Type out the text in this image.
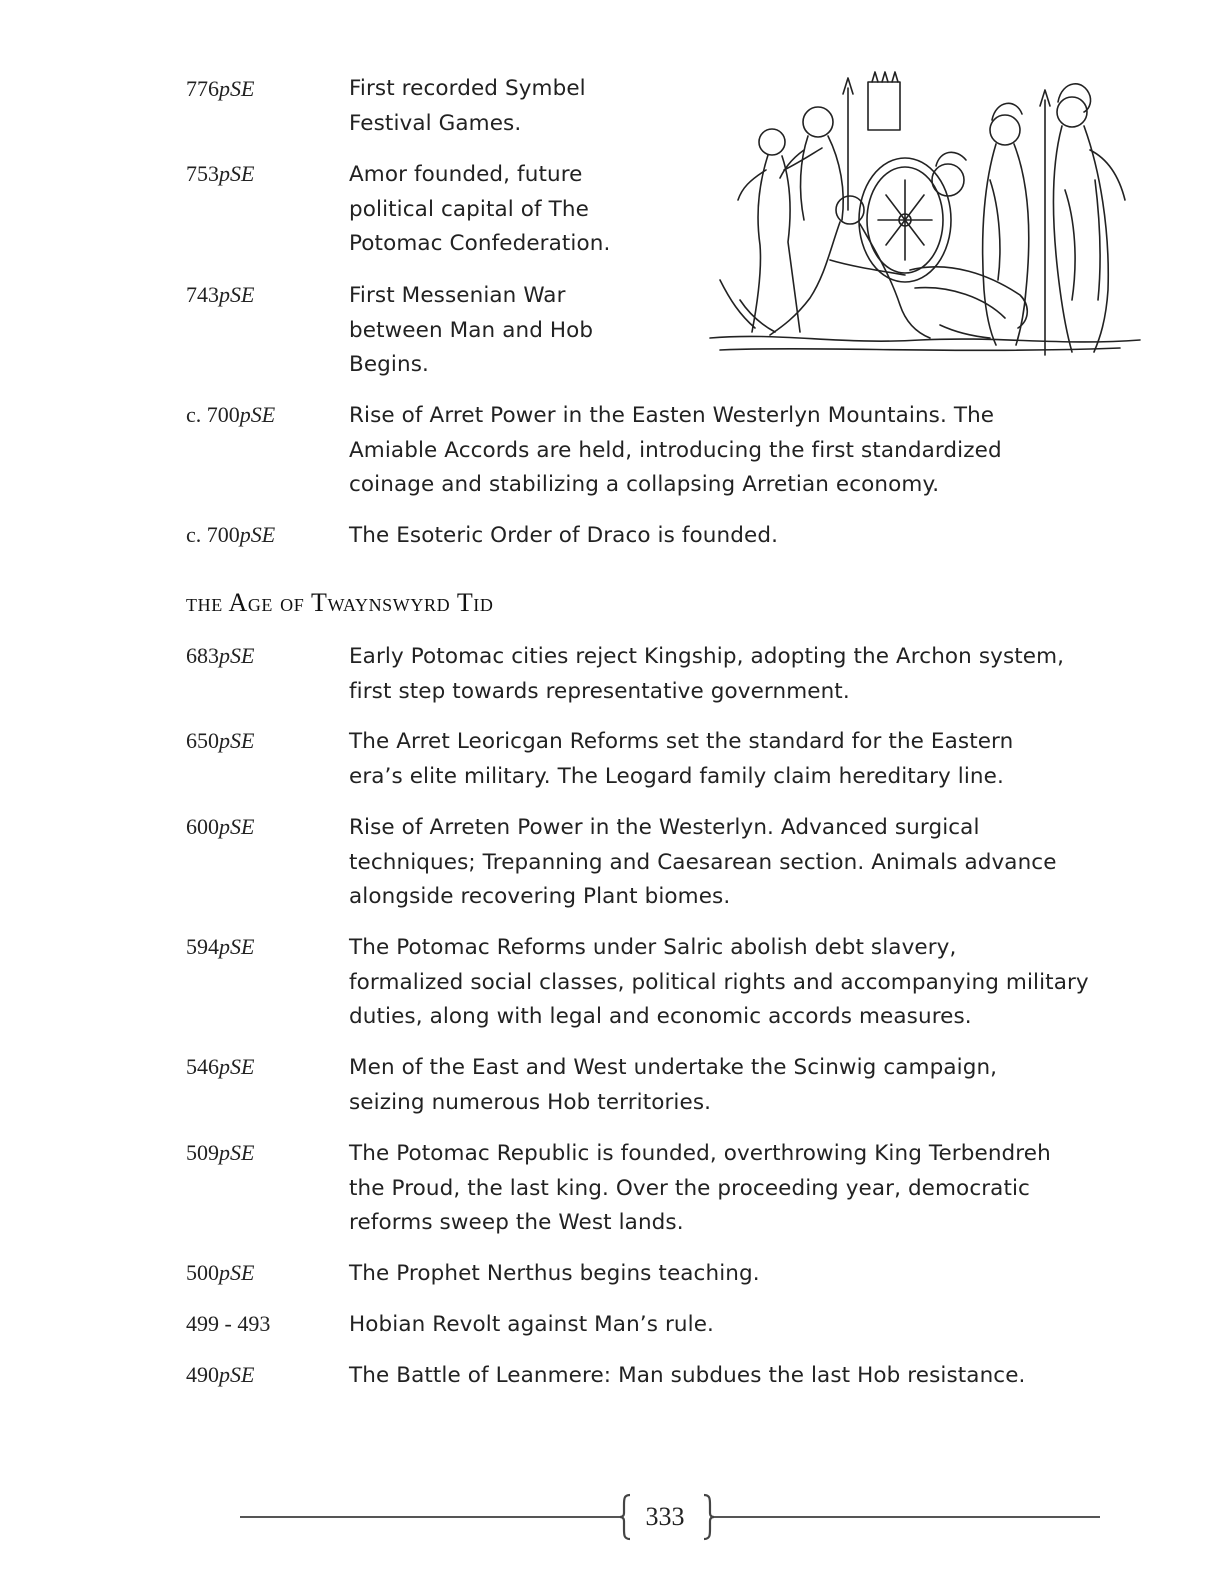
776pSE	First recorded Symbel
Festival Games.
753pSE	Amor founded, future
political capital of The
Potomac Confederation.
743pSE	First Messenian War
between Man and Hob
Begins.
c. 700pSE	Rise of Arret Power in the Easten Westerlyn Mountains. The
Amiable Accords are held, introducing the first standardized
coinage and stabilizing a collapsing Arretian economy.
c. 700pSE	The Esoteric Order of Draco is founded.
the Age of Twaynswyrd Tid
683pSE	Early Potomac cities reject Kingship, adopting the Archon system,
first step towards representative government.
650pSE	The Arret Leoricgan Reforms set the standard for the Eastern
era’s elite military. The Leogard family claim hereditary line.
600pSE	Rise of Arreten Power in the Westerlyn. Advanced surgical
techniques; Trepanning and Caesarean section. Animals advance
alongside recovering Plant biomes.
594pSE	The Potomac Reforms under Salric abolish debt slavery,
formalized social classes, political rights and accompanying military
duties, along with legal and economic accords measures.
546pSE	Men of the East and West undertake the Scinwig campaign,
seizing numerous Hob territories.
509pSE	The Potomac Republic is founded, overthrowing King Terbendreh
the Proud, the last king. Over the proceeding year, democratic
reforms sweep the West lands.
500pSE	The Prophet Nerthus begins teaching.
499 - 493	Hobian Revolt against Man’s rule.
490pSE	The Battle of Leanmere: Man subdues the last Hob resistance.
333
